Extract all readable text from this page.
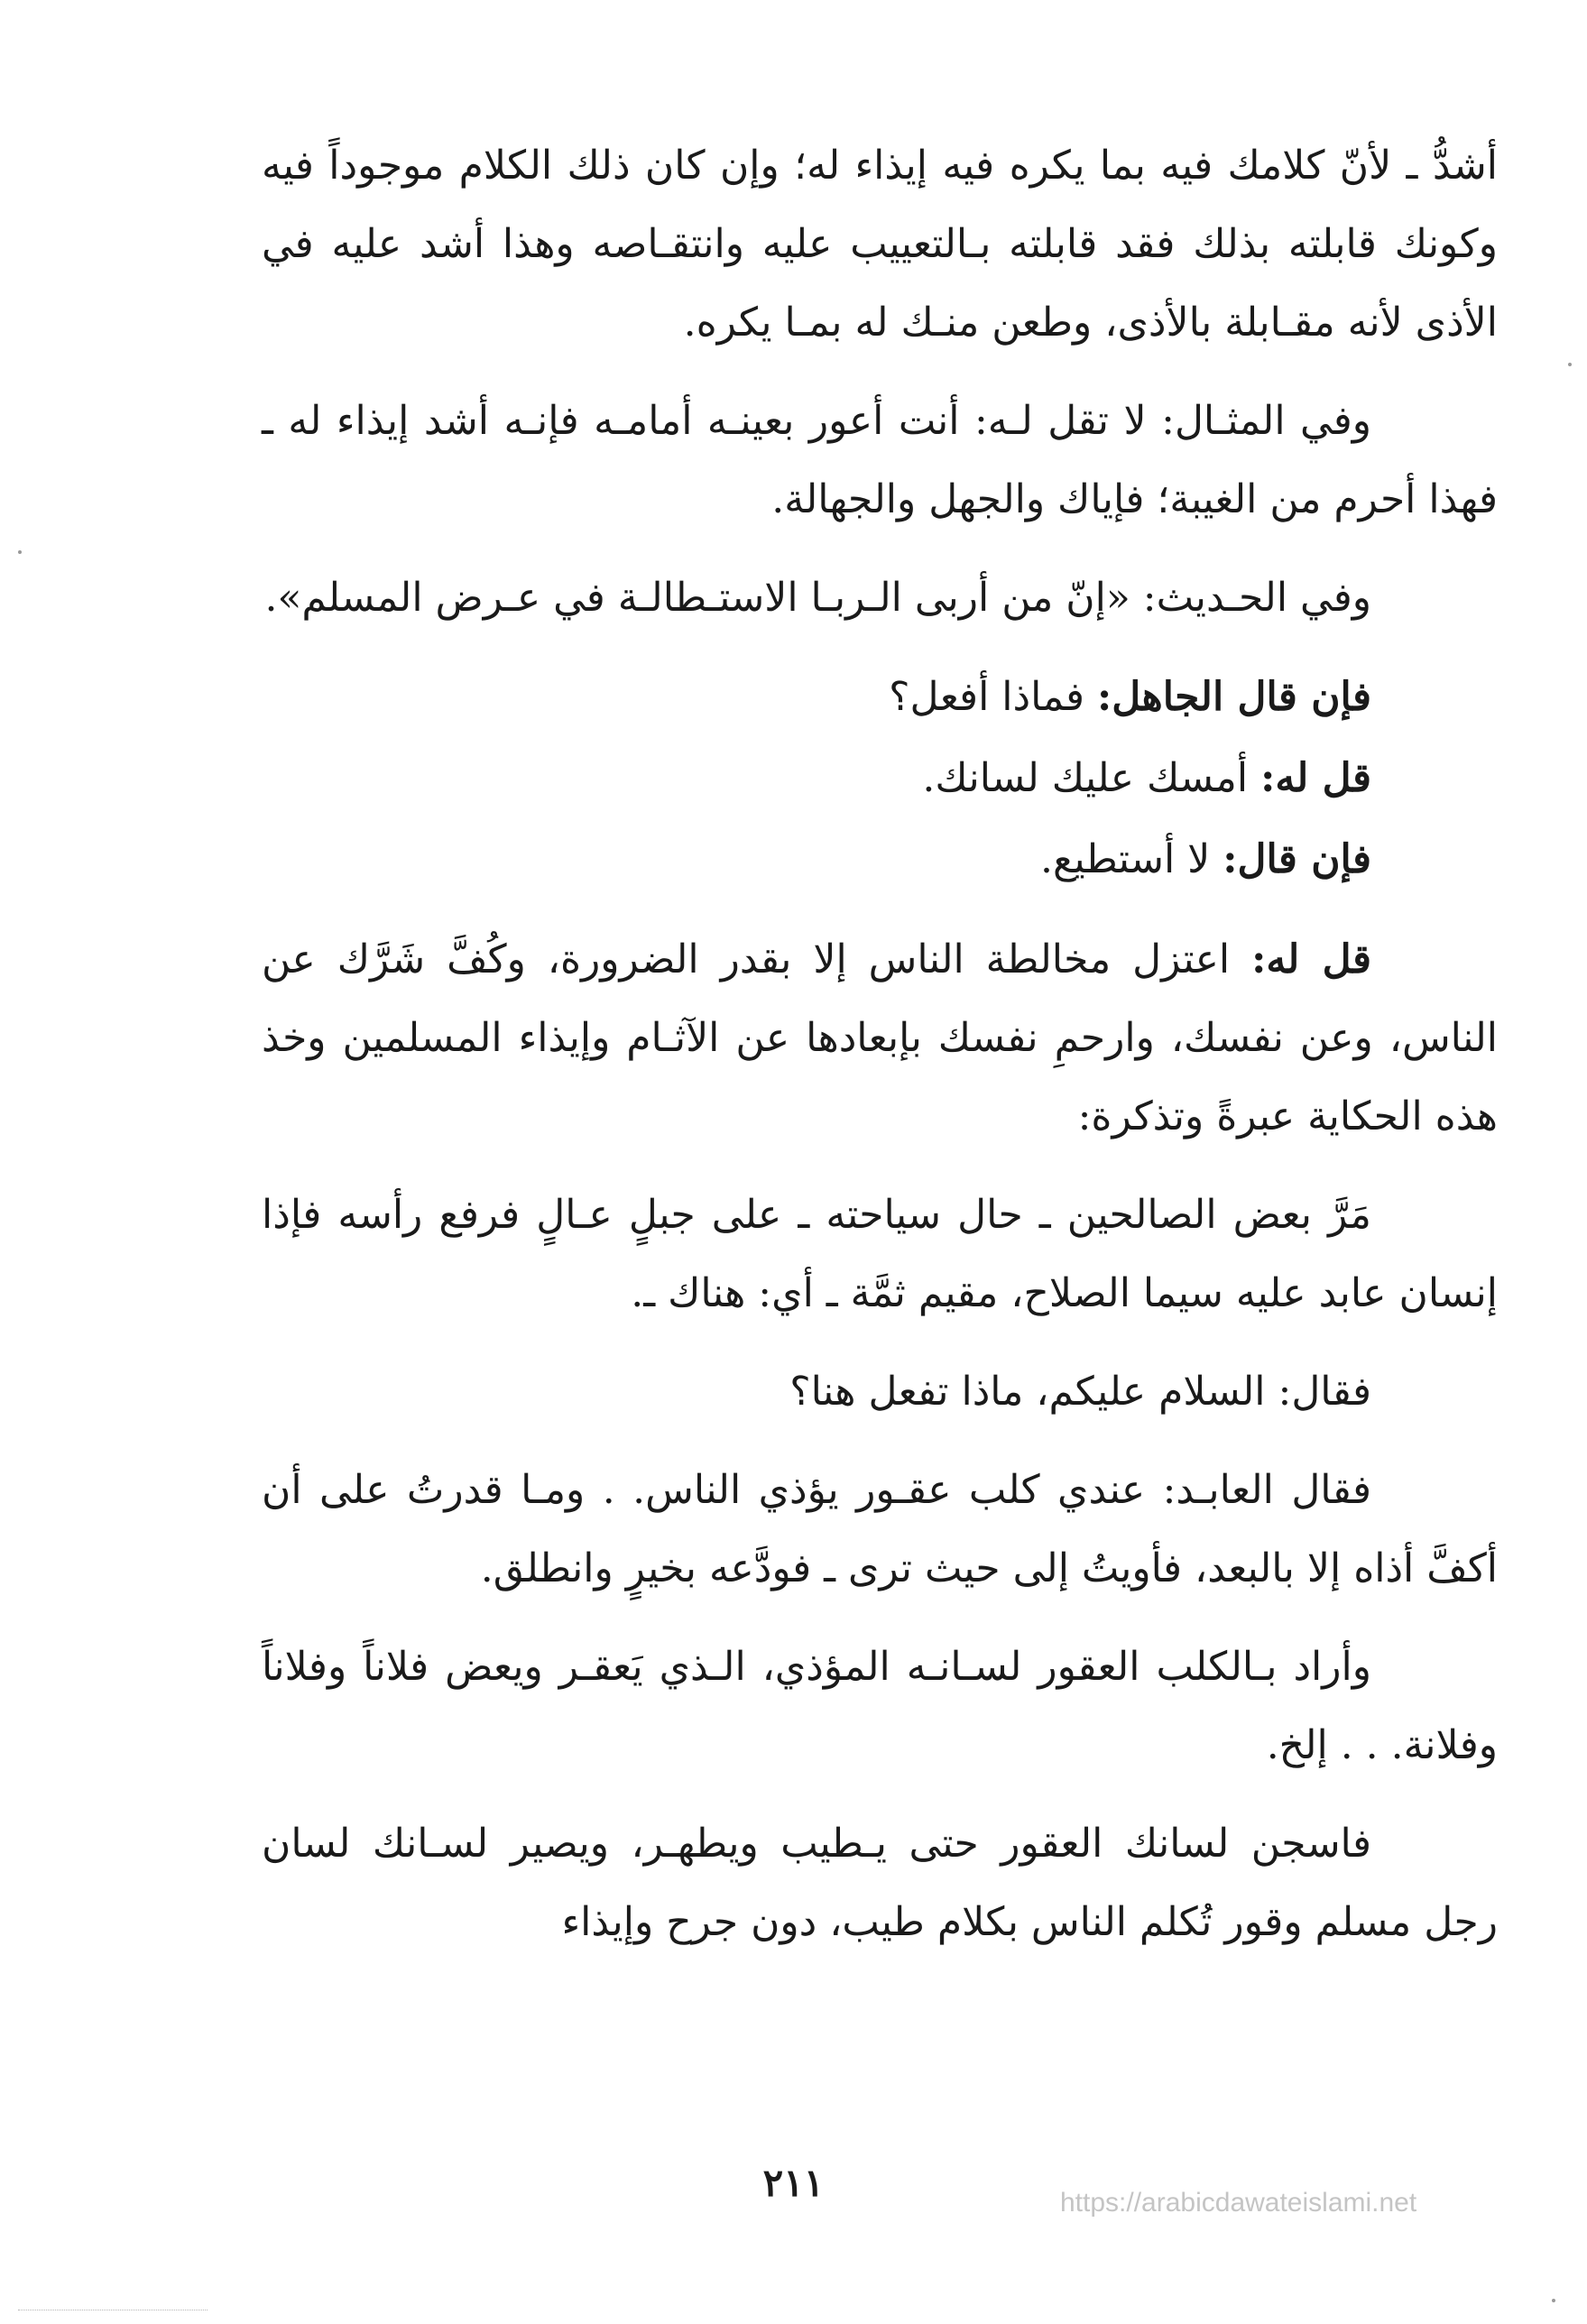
أشدُّ ـ لأنّ كلامك فيه بما يكره فيه إيذاء له؛ وإن كان ذلك الكلام موجوداً فيه وكونك قابلته بذلك فقد قابلته بـالتعييب عليه وانتقـاصه وهذا أشد عليه في الأذى لأنه مقـابلة بالأذى، وطعن منـك له بمـا يكره.

وفي المثـال: لا تقل لـه: أنت أعور بعينـه أمامـه فإنـه أشد إيذاء له ـ فهذا أحرم من الغيبة؛ فإياك والجهل والجهالة.

وفي الحـديث: «إنّ من أربى الـربـا الاستـطالـة في عـرض المسلم».

فإن قال الجاهل: فماذا أفعل؟

قل له: أمسك عليك لسانك.

فإن قال: لا أستطيع.

قل له: اعتزل مخالطة الناس إلا بقدر الضرورة، وكُفَّ شَرَّك عن الناس، وعن نفسك، وارحمِ نفسك بإبعادها عن الآثـام وإيذاء المسلمين وخذ هذه الحكاية عبرةً وتذكرة:

مَرَّ بعض الصالحين ـ حال سياحته ـ على جبلٍ عـالٍ فرفع رأسه فإذا إنسان عابد عليه سيما الصلاح، مقيم ثمَّة ـ أي: هناك ـ.

فقال: السلام عليكم، ماذا تفعل هنا؟

فقال العابـد: عندي كلب عقـور يؤذي الناس. . ومـا قدرتُ على أن أكفَّ أذاه إلا بالبعد، فأويتُ إلى حيث ترى ـ فودَّعه بخيرٍ وانطلق.

وأراد بـالكلب العقور لسـانـه المؤذي، الـذي يَعقـر ويعض فلاناً وفلاناً وفلانة. . . إلخ.

فاسجن لسانك العقور حتى يـطيب ويطهـر، ويصير لسـانك لسان رجل مسلم وقور تُكلم الناس بكلام طيب، دون جرح وإيذاء

٢١١	https://arabicdawateislami.net
